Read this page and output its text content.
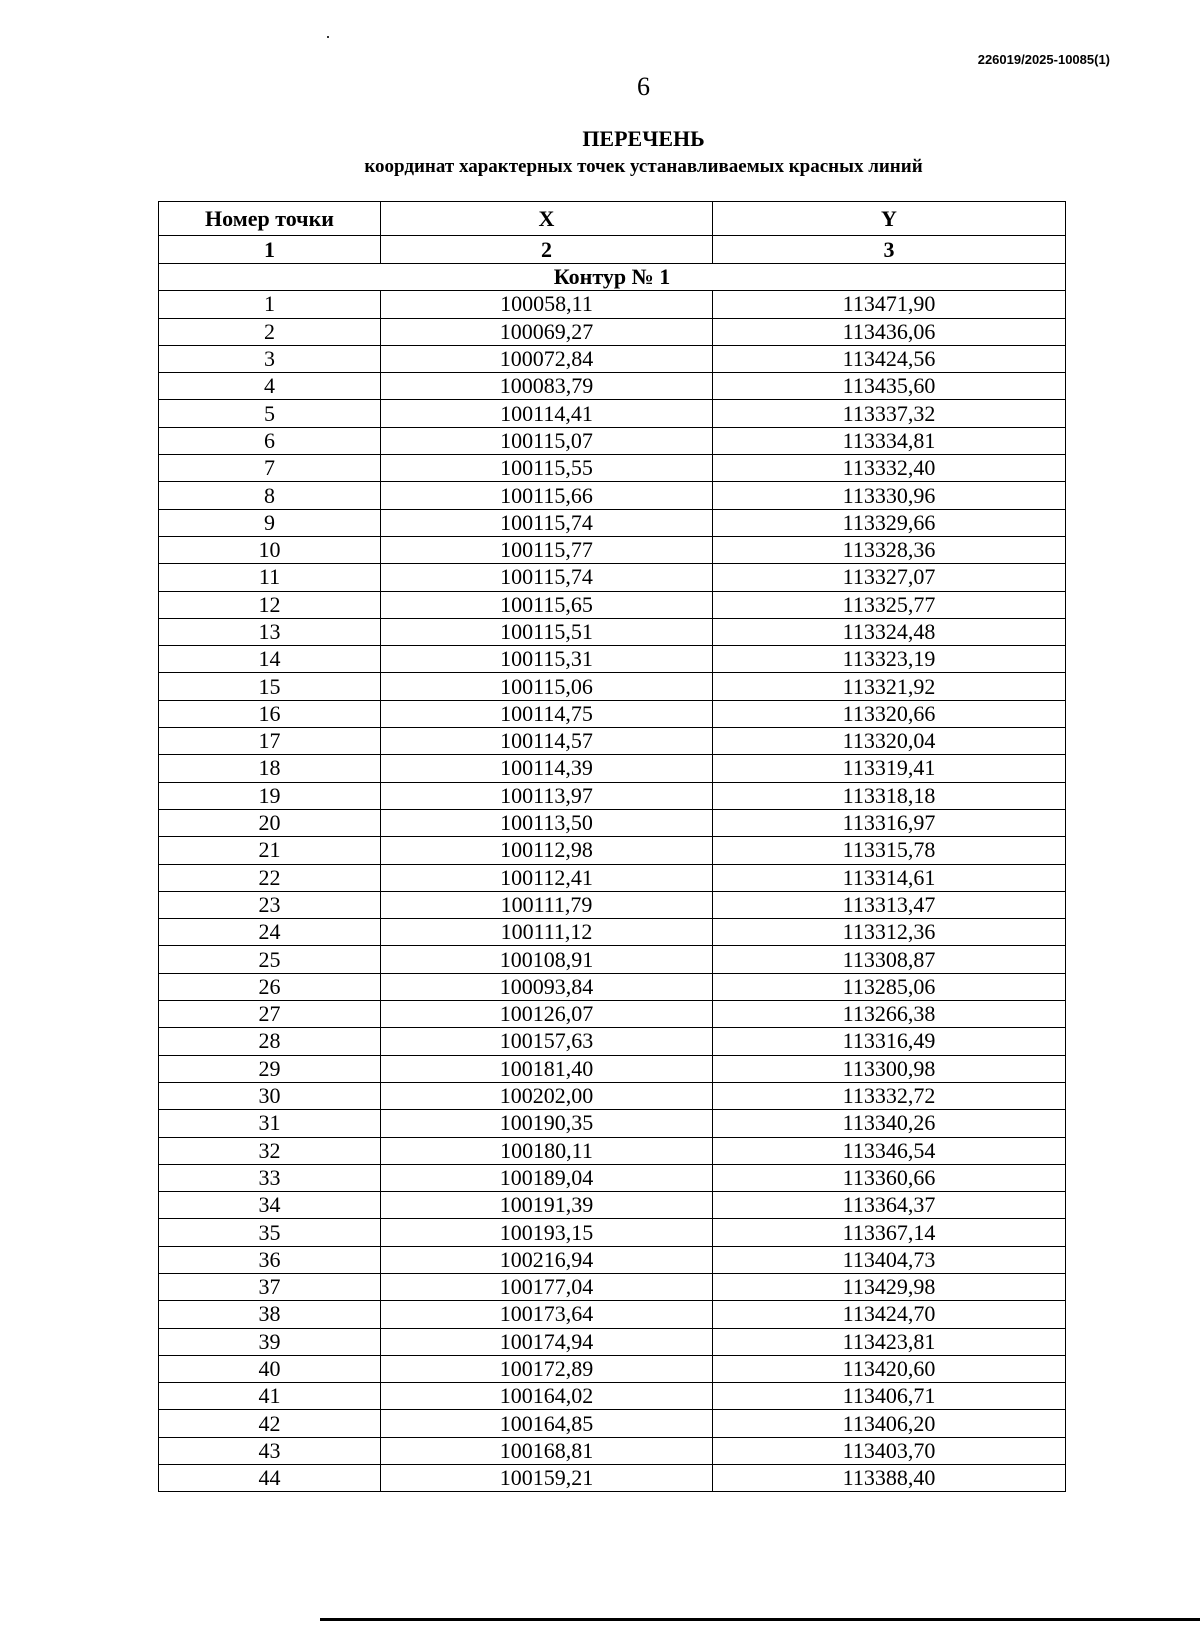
226019/2025-10085(1)
6
ПЕРЕЧЕНЬ
координат характерных точек устанавливаемых красных линий
Номер точки	X	Y
1	2	3
Контур № 1		
1	100058,11	113471,90
2	100069,27	113436,06
3	100072,84	113424,56
4	100083,79	113435,60
5	100114,41	113337,32
6	100115,07	113334,81
7	100115,55	113332,40
8	100115,66	113330,96
9	100115,74	113329,66
10	100115,77	113328,36
11	100115,74	113327,07
12	100115,65	113325,77
13	100115,51	113324,48
14	100115,31	113323,19
15	100115,06	113321,92
16	100114,75	113320,66
17	100114,57	113320,04
18	100114,39	113319,41
19	100113,97	113318,18
20	100113,50	113316,97
21	100112,98	113315,78
22	100112,41	113314,61
23	100111,79	113313,47
24	100111,12	113312,36
25	100108,91	113308,87
26	100093,84	113285,06
27	100126,07	113266,38
28	100157,63	113316,49
29	100181,40	113300,98
30	100202,00	113332,72
31	100190,35	113340,26
32	100180,11	113346,54
33	100189,04	113360,66
34	100191,39	113364,37
35	100193,15	113367,14
36	100216,94	113404,73
37	100177,04	113429,98
38	100173,64	113424,70
39	100174,94	113423,81
40	100172,89	113420,60
41	100164,02	113406,71
42	100164,85	113406,20
43	100168,81	113403,70
44	100159,21	113388,40
